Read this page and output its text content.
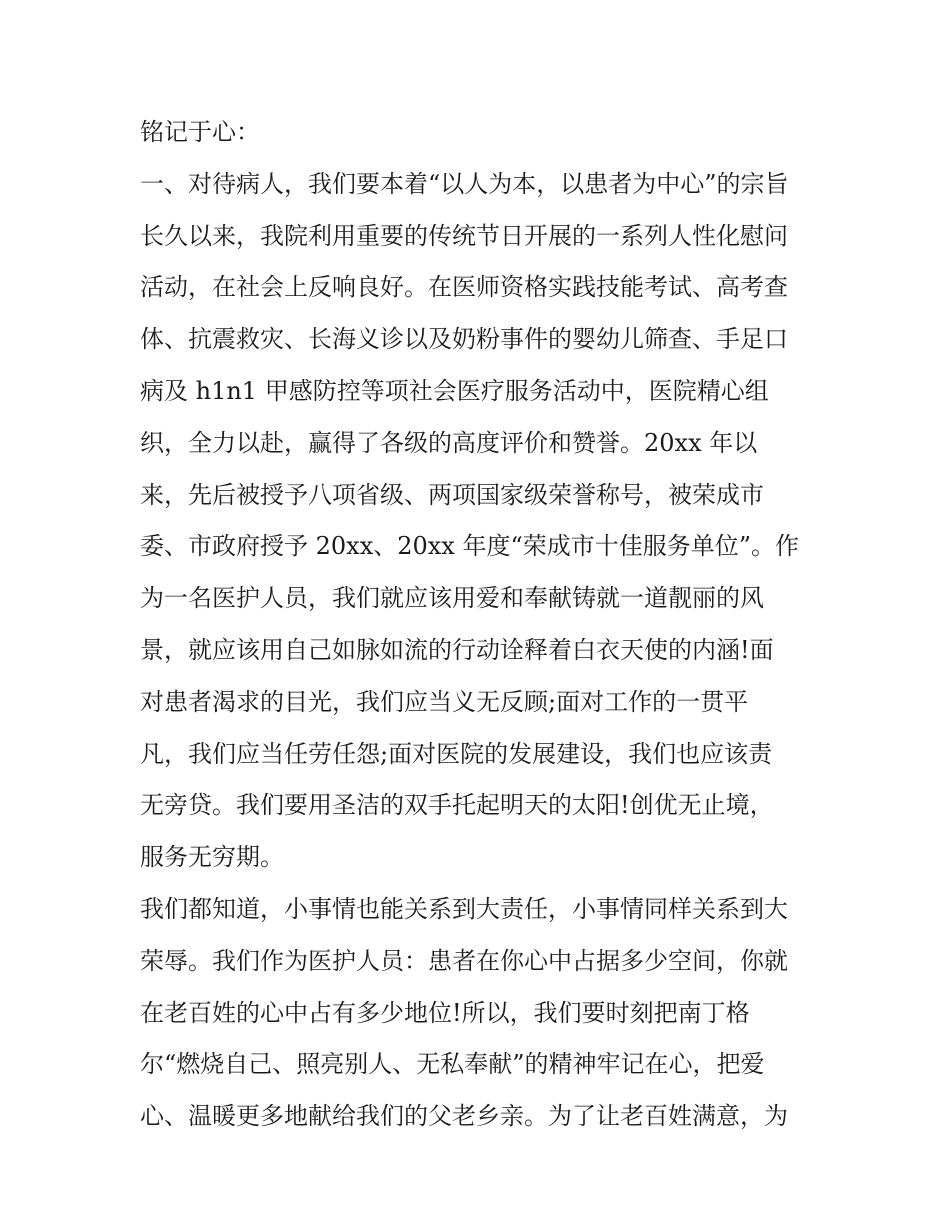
铭记于心：
一、对待病人，我们要本着“以人为本，以患者为中心”的宗旨
长久以来，我院利用重要的传统节日开展的一系列人性化慰问
活动，在社会上反响良好。在医师资格实践技能考试、高考查
体、抗震救灾、长海义诊以及奶粉事件的婴幼儿筛查、手足口
病及 h1n1 甲感防控等项社会医疗服务活动中，医院精心组
织，全力以赴，赢得了各级的高度评价和赞誉。20xx 年以
来，先后被授予八项省级、两项国家级荣誉称号，被荣成市
委、市政府授予 20xx、20xx 年度“荣成市十佳服务单位”。作
为一名医护人员，我们就应该用爱和奉献铸就一道靓丽的风
景，就应该用自己如脉如流的行动诠释着白衣天使的内涵!面
对患者渴求的目光，我们应当义无反顾;面对工作的一贯平
凡，我们应当任劳任怨;面对医院的发展建设，我们也应该责
无旁贷。我们要用圣洁的双手托起明天的太阳!创优无止境，
服务无穷期。
我们都知道，小事情也能关系到大责任，小事情同样关系到大
荣辱。我们作为医护人员：患者在你心中占据多少空间，你就
在老百姓的心中占有多少地位!所以，我们要时刻把南丁格
尔“燃烧自己、照亮别人、无私奉献”的精神牢记在心，把爱
心、温暖更多地献给我们的父老乡亲。为了让老百姓满意，为
